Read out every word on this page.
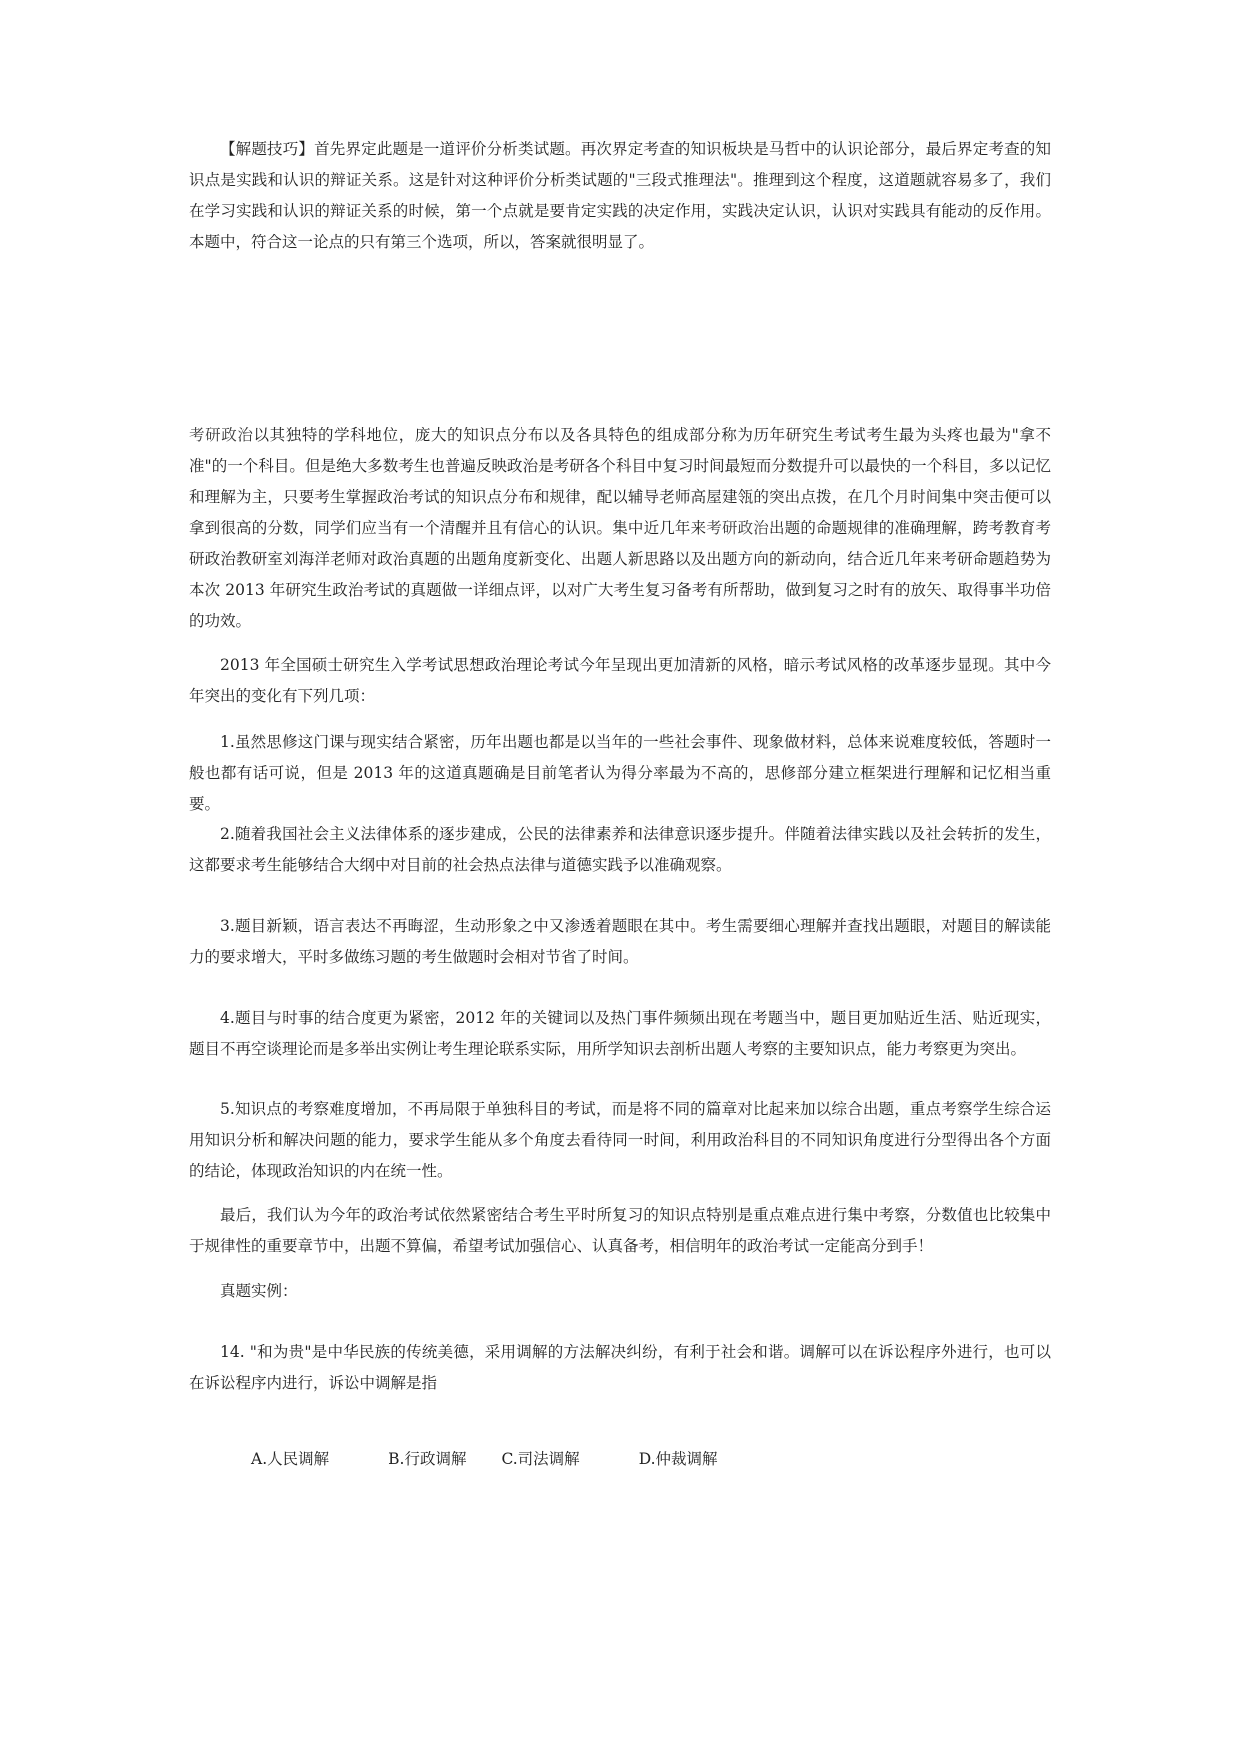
【解题技巧】首先界定此题是一道评价分析类试题。再次界定考查的知识板块是马哲中的认识论部分，最后界定考查的知识点是实践和认识的辩证关系。这是针对这种评价分析类试题的"三段式推理法"。推理到这个程度，这道题就容易多了，我们在学习实践和认识的辩证关系的时候，第一个点就是要肯定实践的决定作用，实践决定认识，认识对实践具有能动的反作用。本题中，符合这一论点的只有第三个选项，所以，答案就很明显了。

考研政治以其独特的学科地位，庞大的知识点分布以及各具特色的组成部分称为历年研究生考试考生最为头疼也最为"拿不准"的一个科目。但是绝大多数考生也普遍反映政治是考研各个科目中复习时间最短而分数提升可以最快的一个科目，多以记忆和理解为主，只要考生掌握政治考试的知识点分布和规律，配以辅导老师高屋建瓴的突出点拨，在几个月时间集中突击便可以拿到很高的分数，同学们应当有一个清醒并且有信心的认识。集中近几年来考研政治出题的命题规律的准确理解，跨考教育考研政治教研室刘海洋老师对政治真题的出题角度新变化、出题人新思路以及出题方向的新动向，结合近几年来考研命题趋势为本次 2013 年研究生政治考试的真题做一详细点评，以对广大考生复习备考有所帮助，做到复习之时有的放矢、取得事半功倍的功效。

2013 年全国硕士研究生入学考试思想政治理论考试今年呈现出更加清新的风格，暗示考试风格的改革逐步显现。其中今年突出的变化有下列几项：

1.虽然思修这门课与现实结合紧密，历年出题也都是以当年的一些社会事件、现象做材料，总体来说难度较低，答题时一般也都有话可说，但是 2013 年的这道真题确是目前笔者认为得分率最为不高的，思修部分建立框架进行理解和记忆相当重要。

2.随着我国社会主义法律体系的逐步建成，公民的法律素养和法律意识逐步提升。伴随着法律实践以及社会转折的发生，这都要求考生能够结合大纲中对目前的社会热点法律与道德实践予以准确观察。

3.题目新颖，语言表达不再晦涩，生动形象之中又渗透着题眼在其中。考生需要细心理解并查找出题眼，对题目的解读能力的要求增大，平时多做练习题的考生做题时会相对节省了时间。

4.题目与时事的结合度更为紧密，2012 年的关键词以及热门事件频频出现在考题当中，题目更加贴近生活、贴近现实，题目不再空谈理论而是多举出实例让考生理论联系实际，用所学知识去剖析出题人考察的主要知识点，能力考察更为突出。

5.知识点的考察难度增加，不再局限于单独科目的考试，而是将不同的篇章对比起来加以综合出题，重点考察学生综合运用知识分析和解决问题的能力，要求学生能从多个角度去看待同一时间，利用政治科目的不同知识角度进行分型得出各个方面的结论，体现政治知识的内在统一性。

最后，我们认为今年的政治考试依然紧密结合考生平时所复习的知识点特别是重点难点进行集中考察，分数值也比较集中于规律性的重要章节中，出题不算偏，希望考试加强信心、认真备考，相信明年的政治考试一定能高分到手！

真题实例：

14. "和为贵"是中华民族的传统美德，采用调解的方法解决纠纷，有利于社会和谐。调解可以在诉讼程序外进行，也可以在诉讼程序内进行，诉讼中调解是指

A.人民调解	B.行政调解 C.司法调解	D.仲裁调解
